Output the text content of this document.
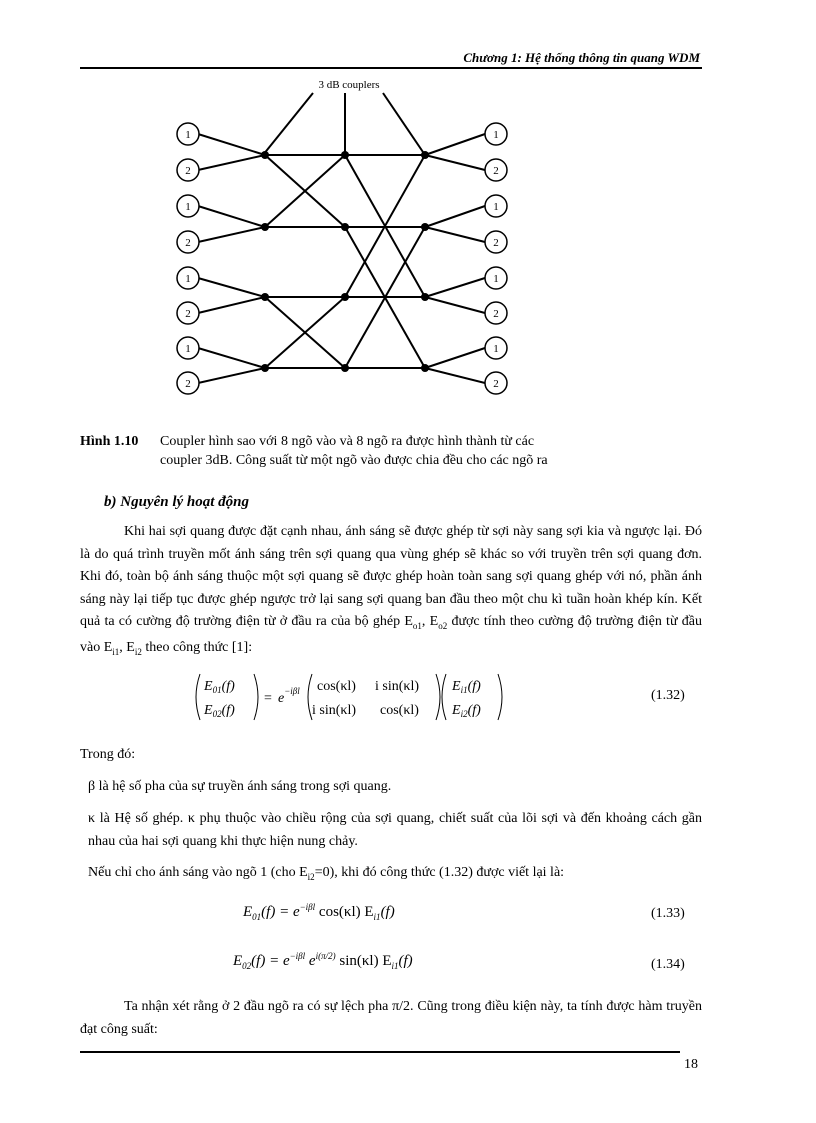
Chương 1: Hệ thống thông tin quang WDM
3 dB couplers
1
2
1
2
1
2
1
2
1
2
1
2
1
2
1
2
Hình 1.10 Coupler hình sao với 8 ngõ vào và 8 ngõ ra được hình thành từ các
coupler 3dB. Công suất từ một ngõ vào được chia đều cho các ngõ ra
b) Nguyên lý hoạt động

Khi hai sợi quang được đặt cạnh nhau, ánh sáng sẽ được ghép từ sợi này sang sợi kia và ngược lại. Đó là do quá trình truyền mốt ánh sáng trên sợi quang qua vùng ghép sẽ khác so với truyền trên sợi quang đơn. Khi đó, toàn bộ ánh sáng thuộc một sợi quang sẽ được ghép hoàn toàn sang sợi quang ghép với nó, phần ánh sáng này lại tiếp tục được ghép ngược trở lại sang sợi quang ban đầu theo một chu kì tuần hoàn khép kín. Kết quả ta có cường độ trường điện từ ở đầu ra của bộ ghép $E_{o1}$, $E_{o2}$ được tính theo cường độ trường điện từ đầu vào $E_{i1}$, $E_{i2}$ theo công thức [1]:

$E_{01}(f)$
$E_{02}(f)$
= $e^{-i\beta l}$ cos(κl) i sin(κl)
i sin(κl) cos(κl)
$E_{i1}(f)$
$E_{i2}(f)$
(1.32)
Trong đó:

β là hệ số pha của sự truyền ánh sáng trong sợi quang.

κ là Hệ số ghép. κ phụ thuộc vào chiều rộng của sợi quang, chiết suất của lõi sợi và đến khoảng cách gần nhau của hai sợi quang khi thực hiện nung chảy.

Nếu chỉ cho ánh sáng vào ngõ 1 (cho $E_{i2}=0$), khi đó công thức (1.32) được viết lại là:
$E_{01}(f) = e^{-i\beta l}$ cos(κl) $E_{i1}(f)$	(1.33)
$E_{02}(f) = e^{-i\beta l}$ $e^{i(\pi/2)}$ sin(κl) $E_{i1}(f)$	(1.34)

Ta nhận xét rằng ở 2 đầu ngõ ra có sự lệch pha π/2. Cũng trong điều kiện này, ta tính được hàm truyền đạt công suất:

18
